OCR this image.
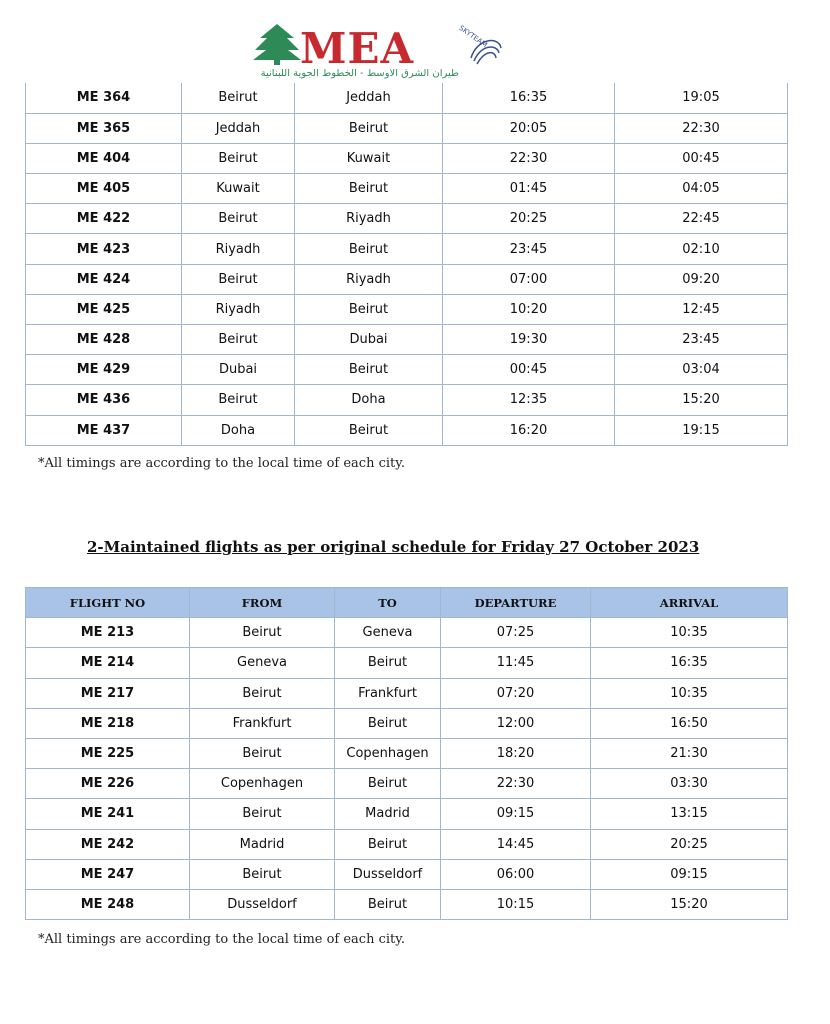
MEA
طيران الشرق الأوسط - الخطوط الجوية اللبنانية
SKYTEAM
ME 364	Beirut	Jeddah	16:35	19:05
ME 365	Jeddah	Beirut	20:05	22:30
ME 404	Beirut	Kuwait	22:30	00:45
ME 405	Kuwait	Beirut	01:45	04:05
ME 422	Beirut	Riyadh	20:25	22:45
ME 423	Riyadh	Beirut	23:45	02:10
ME 424	Beirut	Riyadh	07:00	09:20
ME 425	Riyadh	Beirut	10:20	12:45
ME 428	Beirut	Dubai	19:30	23:45
ME 429	Dubai	Beirut	00:45	03:04
ME 436	Beirut	Doha	12:35	15:20
ME 437	Doha	Beirut	16:20	19:15
*All timings are according to the local time of each city.
2-Maintained flights as per original schedule for Friday 27 October 2023
FLIGHT NO	FROM	TO	DEPARTURE	ARRIVAL
ME 213	Beirut	Geneva	07:25	10:35
ME 214	Geneva	Beirut	11:45	16:35
ME 217	Beirut	Frankfurt	07:20	10:35
ME 218	Frankfurt	Beirut	12:00	16:50
ME 225	Beirut	Copenhagen	18:20	21:30
ME 226	Copenhagen	Beirut	22:30	03:30
ME 241	Beirut	Madrid	09:15	13:15
ME 242	Madrid	Beirut	14:45	20:25
ME 247	Beirut	Dusseldorf	06:00	09:15
ME 248	Dusseldorf	Beirut	10:15	15:20
*All timings are according to the local time of each city.
